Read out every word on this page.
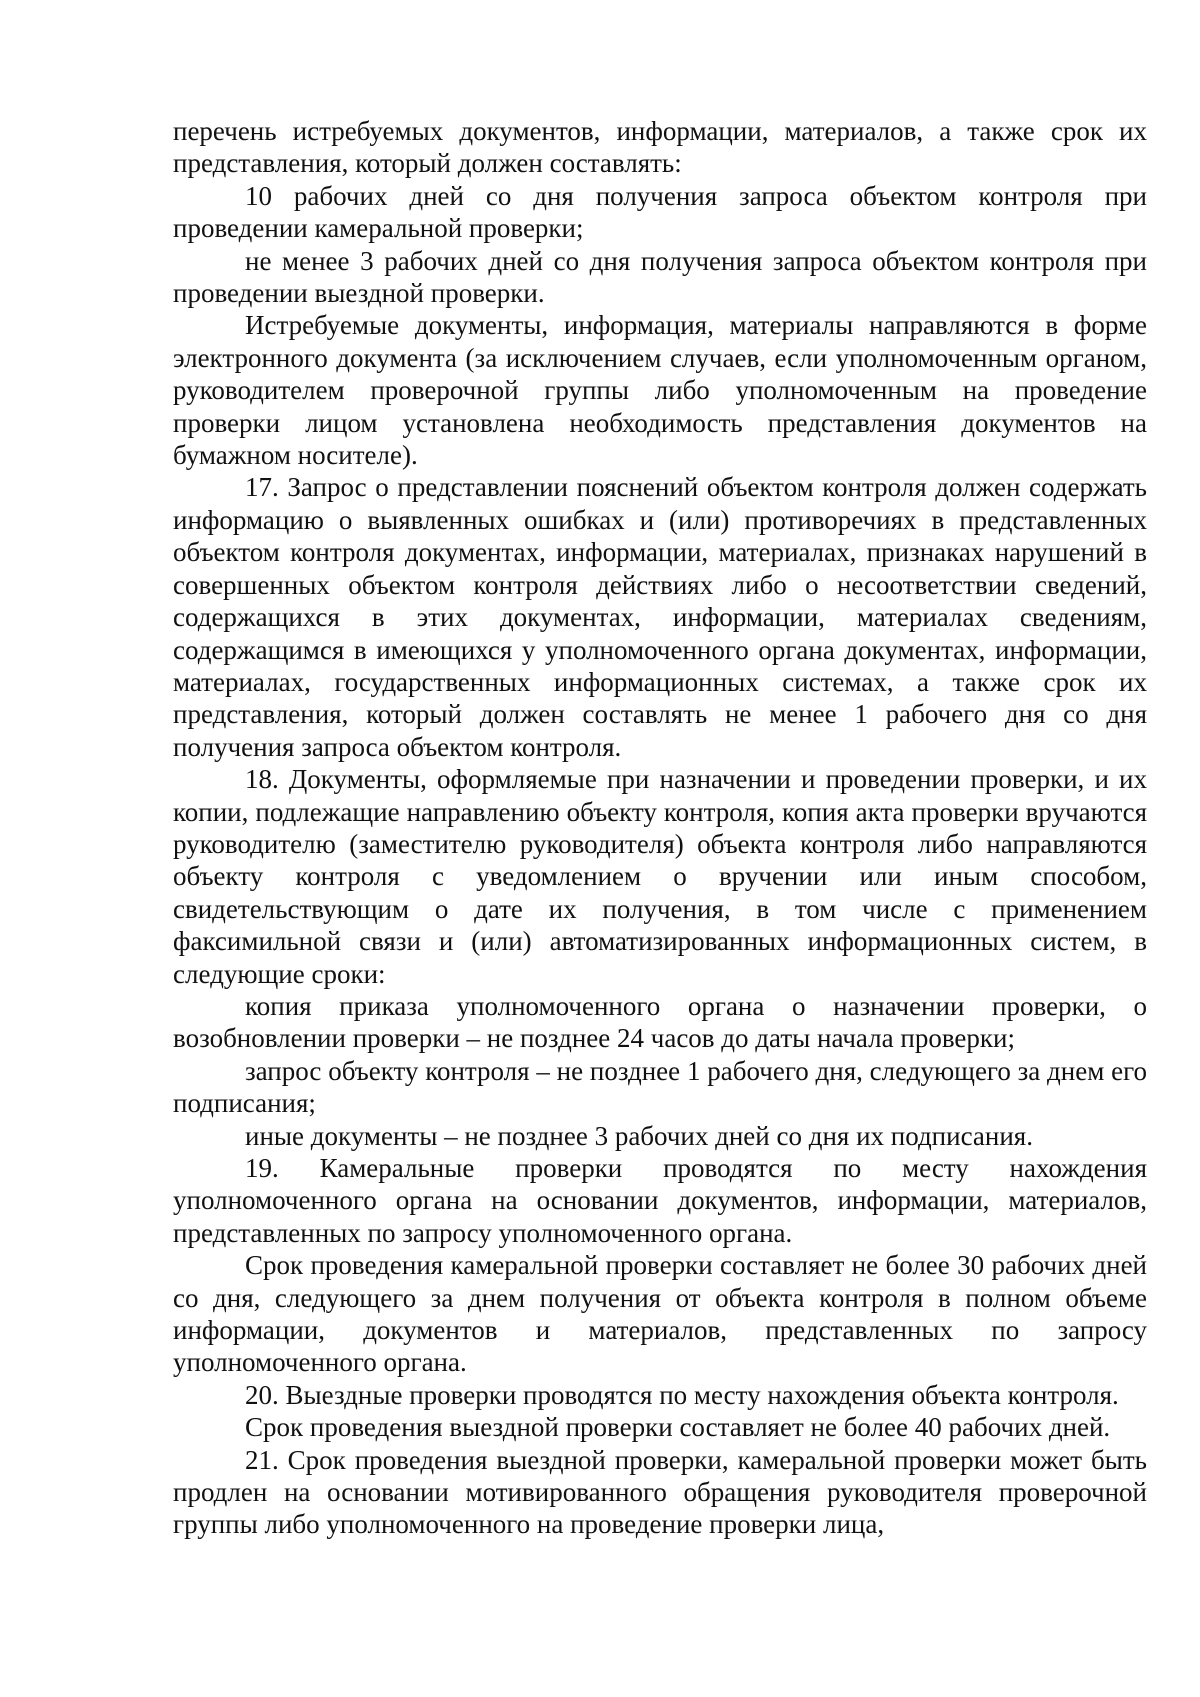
перечень истребуемых документов, информации, материалов, а также срок их представления, который должен составлять:

10 рабочих дней со дня получения запроса объектом контроля при проведении камеральной проверки;

не менее 3 рабочих дней со дня получения запроса объектом контроля при проведении выездной проверки.

Истребуемые документы, информация, материалы направляются в форме электронного документа (за исключением случаев, если уполномоченным органом, руководителем проверочной группы либо уполномоченным на проведение проверки лицом установлена необходимость представления документов на бумажном носителе).

17. Запрос о представлении пояснений объектом контроля должен содержать информацию о выявленных ошибках и (или) противоречиях в представленных объектом контроля документах, информации, материалах, признаках нарушений в совершенных объектом контроля действиях либо о несоответствии сведений, содержащихся в этих документах, информации, материалах сведениям, содержащимся в имеющихся у уполномоченного органа документах, информации, материалах, государственных информационных системах, а также срок их представления, который должен составлять не менее 1 рабочего дня со дня получения запроса объектом контроля.

18. Документы, оформляемые при назначении и проведении проверки, и их копии, подлежащие направлению объекту контроля, копия акта проверки вручаются руководителю (заместителю руководителя) объекта контроля либо направляются объекту контроля с уведомлением о вручении или иным способом, свидетельствующим о дате их получения, в том числе с применением факсимильной связи и (или) автоматизированных информационных систем, в следующие сроки:

копия приказа уполномоченного органа о назначении проверки, о возобновлении проверки – не позднее 24 часов до даты начала проверки;

запрос объекту контроля – не позднее 1 рабочего дня, следующего за днем его подписания;

иные документы – не позднее 3 рабочих дней со дня их подписания.

19. Камеральные проверки проводятся по месту нахождения уполномоченного органа на основании документов, информации, материалов, представленных по запросу уполномоченного органа.

Срок проведения камеральной проверки составляет не более 30 рабочих дней со дня, следующего за днем получения от объекта контроля в полном объеме информации, документов и материалов, представленных по запросу уполномоченного органа.

20. Выездные проверки проводятся по месту нахождения объекта контроля.

Срок проведения выездной проверки составляет не более 40 рабочих дней.

21. Срок проведения выездной проверки, камеральной проверки может быть продлен на основании мотивированного обращения руководителя проверочной группы либо уполномоченного на проведение проверки лица,
